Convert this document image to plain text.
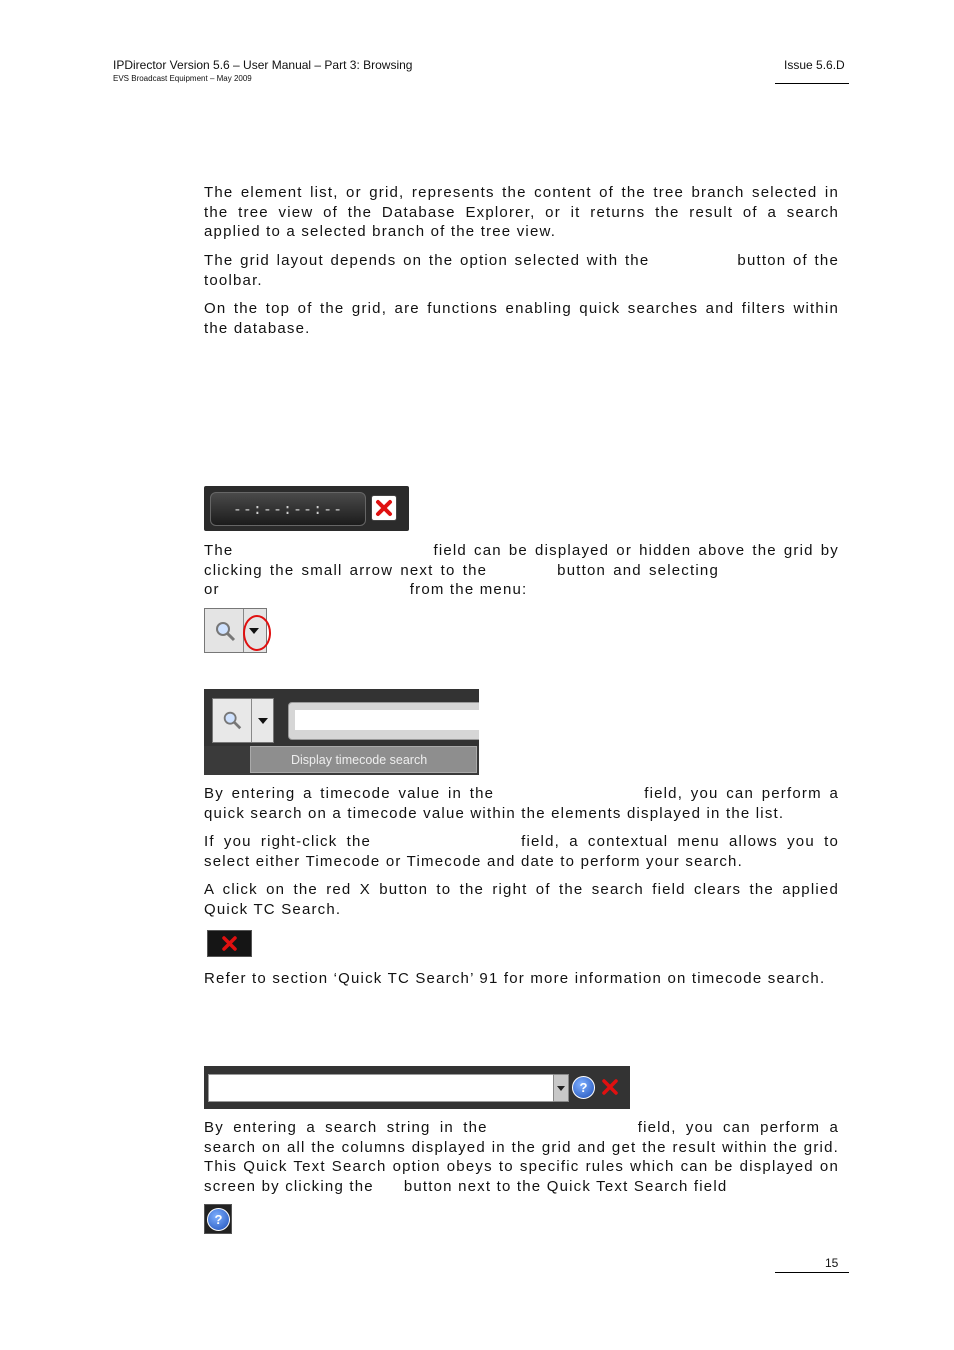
IPDirector Version 5.6 – User Manual – Part 3: Browsing
EVS Broadcast Equipment – May 2009
Issue 5.6.D

The element list, or grid, represents the content of the tree branch selected in the tree view of the Database Explorer, or it returns the result of a search applied to a selected branch of the tree view.

The grid layout depends on the option selected with the	button of the toolbar.

On the top of the grid, are functions enabling quick searches and filters within the database.

--:--:--:--

The	field can be displayed or hidden above the grid by clicking the small arrow next to the	button and selectingor	from the menu:

Display timecode search

By entering a timecode value in the	field, you can perform a quick search on a timecode value within the elements displayed in the list.

If you right-click the	field, a contextual menu allows you to select either Timecode or Timecode and date to perform your search.

A click on the red X button to the right of the search field clears the applied Quick TC Search.

Refer to section ‘Quick TC Search’ 91 for more information on timecode search.

?

By entering a search string in the	field, you can perform a search on all the columns displayed in the grid and get the result within the grid. This Quick Text Search option obeys to specific rules which can be displayed on screen by clicking the button next to the Quick Text Search field

?
15
